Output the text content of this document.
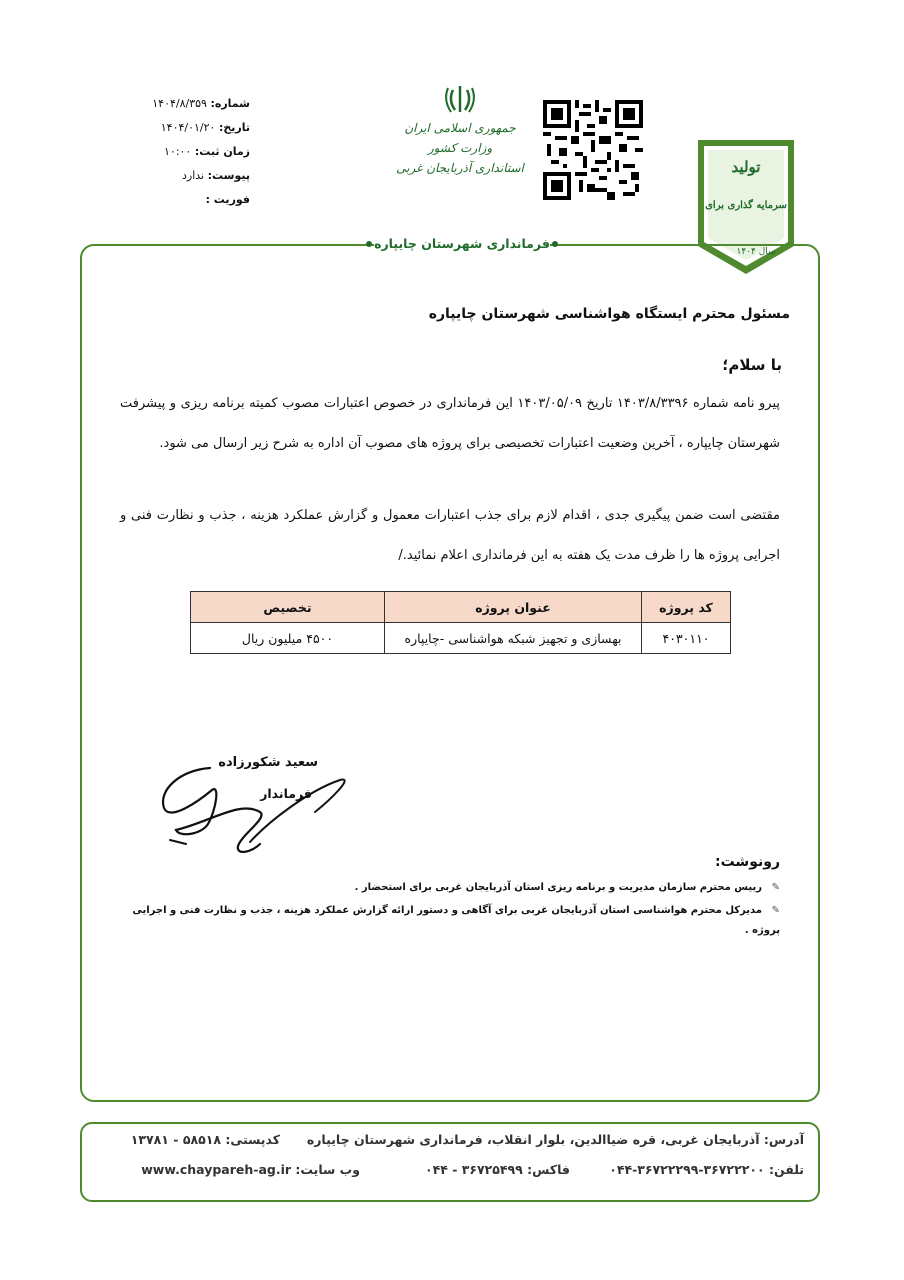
شماره: ۱۴۰۴/۸/۳۵۹
تاریخ: ۱۴۰۴/۰۱/۲۰
زمان ثبت: ۱۰:۰۰
پیوست: ندارد
فوریت :
جمهوری اسلامی ایران
وزارت کشور
استانداری آذربایجان غربی	تولید
سرمایه گذاری برای
سال ۱۴۰۴
فرمانداری شهرستان چایپاره
مسئول محترم ایستگاه هواشناسی شهرستان چایپاره
با سلام؛
پیرو نامه شماره ۱۴۰۳/۸/۳۳۹۶ تاریخ ۱۴۰۳/۰۵/۰۹ این فرمانداری در خصوص اعتبارات مصوب کمیته برنامه ریزی و پیشرفت شهرستان چایپاره ، آخرین وضعیت اعتبارات تخصیصی برای پروژه های مصوب آن اداره به شرح زیر ارسال می شود.
مقتضی است ضمن پیگیری جدی ، اقدام لازم برای جذب اعتبارات معمول و گزارش عملکرد هزینه ، جذب و نظارت فنی و اجرایی پروژه ها را ظرف مدت یک هفته به این فرمانداری اعلام نمائید./
کد پروژه	عنوان پروژه	تخصیص
۴۰۳۰۱۱۰	بهسازی و تجهیز شبکه هواشناسی -چایپاره	۴۵۰۰ میلیون ریال
سعید شکورزاده
فرماندار
رونوشت:
✎رییس محترم سازمان مدیریت و برنامه ریزی استان آذربایجان غربی برای استحضار .
✎مدیرکل محترم هواشناسی استان آذربایجان غربی برای آگاهی و دستور ارائه گزارش عملکرد هزینه ، جذب و نظارت فنی و اجرایی پروژه .
آدرس: آذربایجان غربی، قره ضیاالدین، بلوار انقلاب، فرمانداری شهرستان چایپاره
کدپستی: ۵۸۵۱۸ - ۱۳۷۸۱
تلفن: ۳۶۷۲۲۲۰۰-۳۶۷۲۲۲۹۹-۰۴۴
فاکس: ۳۶۷۲۵۴۹۹ - ۰۴۴
وب سایت: www.chaypareh-ag.ir
